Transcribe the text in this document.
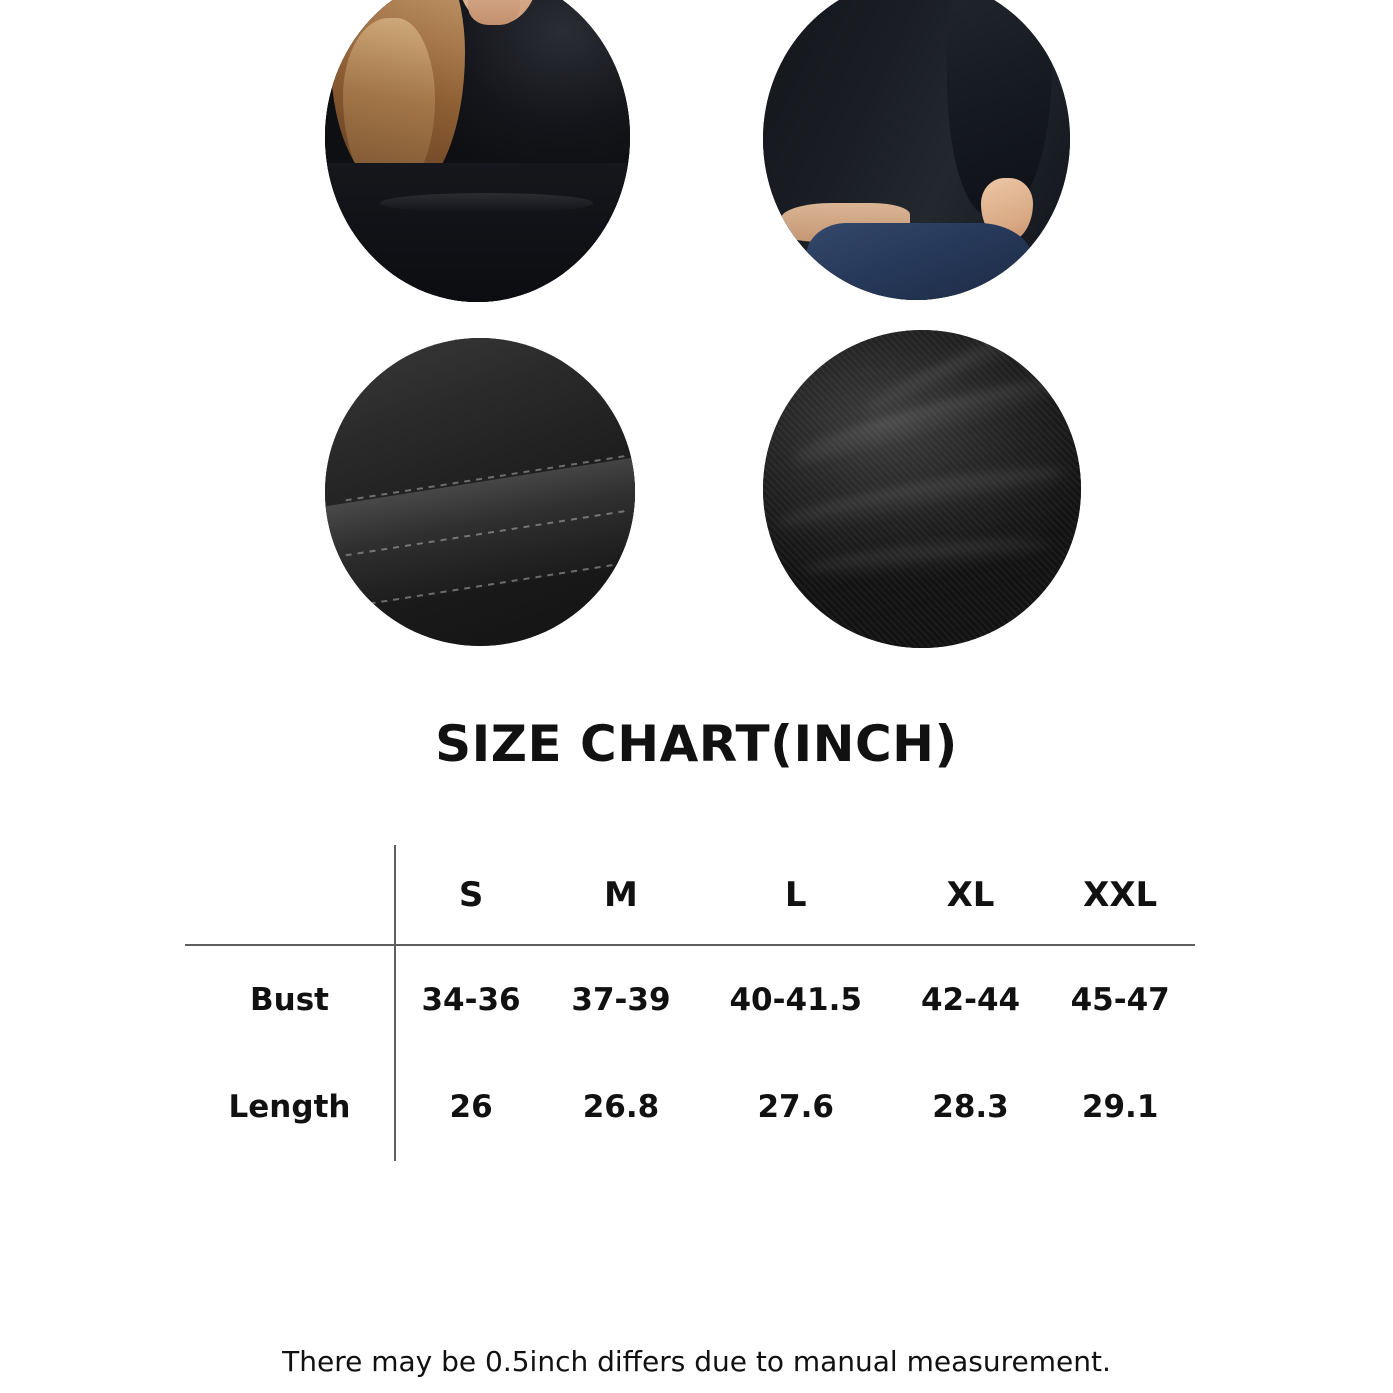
SIZE CHART(INCH)
	S	M	L	XL	XXL
Bust	34-36	37-39	40-41.5	42-44	45-47
Length	26	26.8	27.6	28.3	29.1
There may be 0.5inch differs due to manual measurement.
